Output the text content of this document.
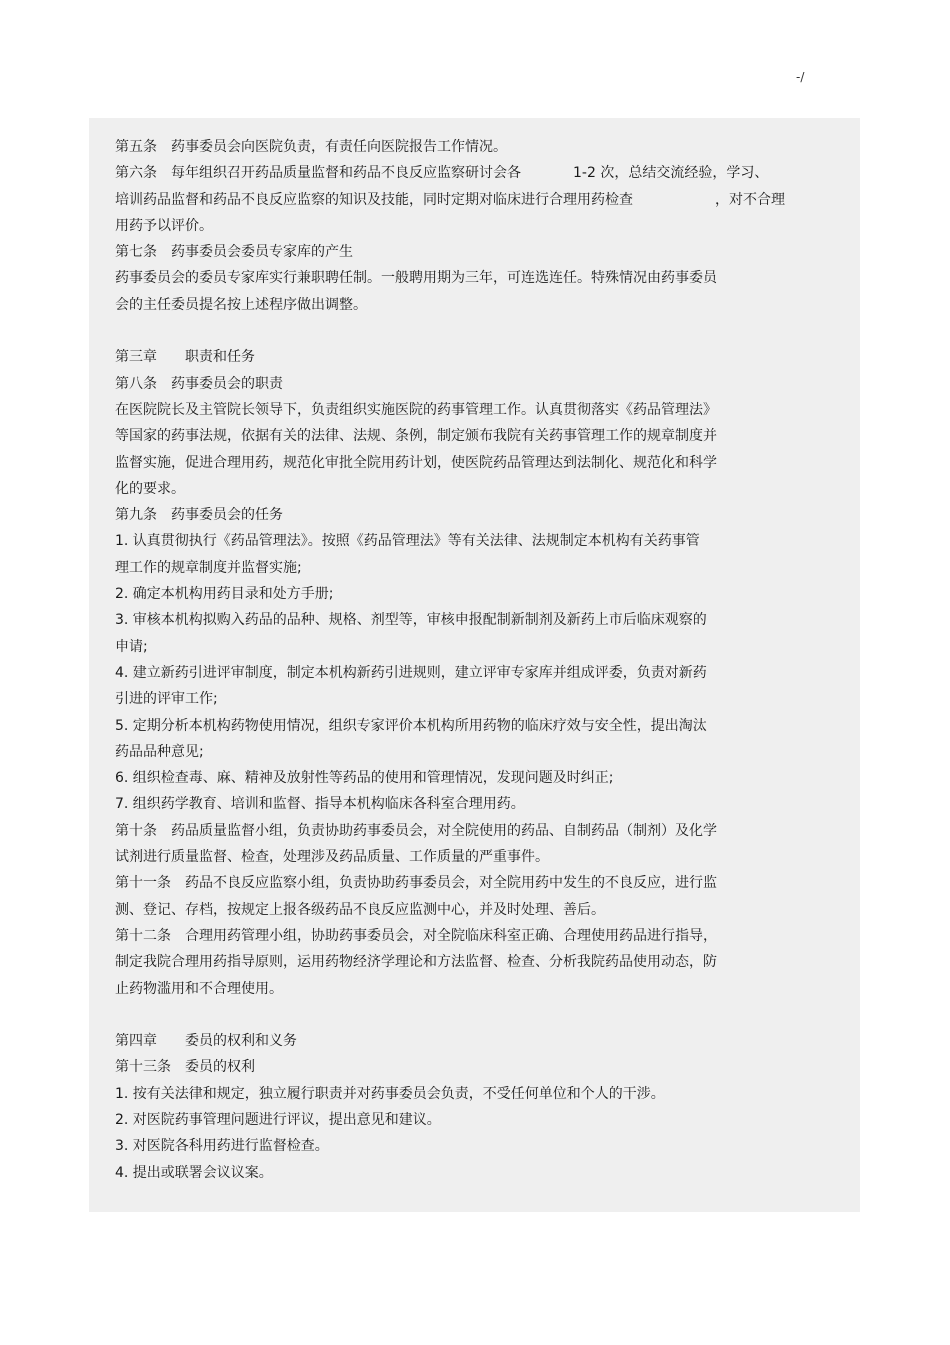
-/
第五条　药事委员会向医院负责，有责任向医院报告工作情况。
第六条　每年组织召开药品质量监督和药品不良反应监察研讨会各	1-2 次，总结交流经验，学习、
培训药品监督和药品不良反应监察的知识及技能，同时定期对临床进行合理用药检查	，对不合理
用药予以评价。
第七条　药事委员会委员专家库的产生
药事委员会的委员专家库实行兼职聘任制。一般聘用期为三年，可连选连任。特殊情况由药事委员
会的主任委员提名按上述程序做出调整。
第三章　　职责和任务
第八条　药事委员会的职责
在医院院长及主管院长领导下，负责组织实施医院的药事管理工作。认真贯彻落实《药品管理法》
等国家的药事法规，依据有关的法律、法规、条例，制定颁布我院有关药事管理工作的规章制度并
监督实施，促进合理用药，规范化审批全院用药计划，使医院药品管理达到法制化、规范化和科学
化的要求。
第九条　药事委员会的任务
1. 认真贯彻执行《药品管理法》。按照《药品管理法》等有关法律、法规制定本机构有关药事管
理工作的规章制度并监督实施;
2. 确定本机构用药目录和处方手册;
3. 审核本机构拟购入药品的品种、规格、剂型等，审核申报配制新制剂及新药上市后临床观察的
申请;
4. 建立新药引进评审制度，制定本机构新药引进规则，建立评审专家库并组成评委，负责对新药
引进的评审工作;
5. 定期分析本机构药物使用情况，组织专家评价本机构所用药物的临床疗效与安全性，提出淘汰
药品品种意见;
6. 组织检查毒、麻、精神及放射性等药品的使用和管理情况，发现问题及时纠正;
7. 组织药学教育、培训和监督、指导本机构临床各科室合理用药。
第十条　药品质量监督小组，负责协助药事委员会，对全院使用的药品、自制药品（制剂）及化学
试剂进行质量监督、检查，处理涉及药品质量、工作质量的严重事件。
第十一条　药品不良反应监察小组，负责协助药事委员会，对全院用药中发生的不良反应，进行监
测、登记、存档，按规定上报各级药品不良反应监测中心，并及时处理、善后。
第十二条　合理用药管理小组，协助药事委员会，对全院临床科室正确、合理使用药品进行指导，
制定我院合理用药指导原则，运用药物经济学理论和方法监督、检查、分析我院药品使用动态，防
止药物滥用和不合理使用。
第四章　　委员的权利和义务
第十三条　委员的权利
1. 按有关法律和规定，独立履行职责并对药事委员会负责，不受任何单位和个人的干涉。
2. 对医院药事管理问题进行评议，提出意见和建议。
3. 对医院各科用药进行监督检查。
4. 提出或联署会议议案。
